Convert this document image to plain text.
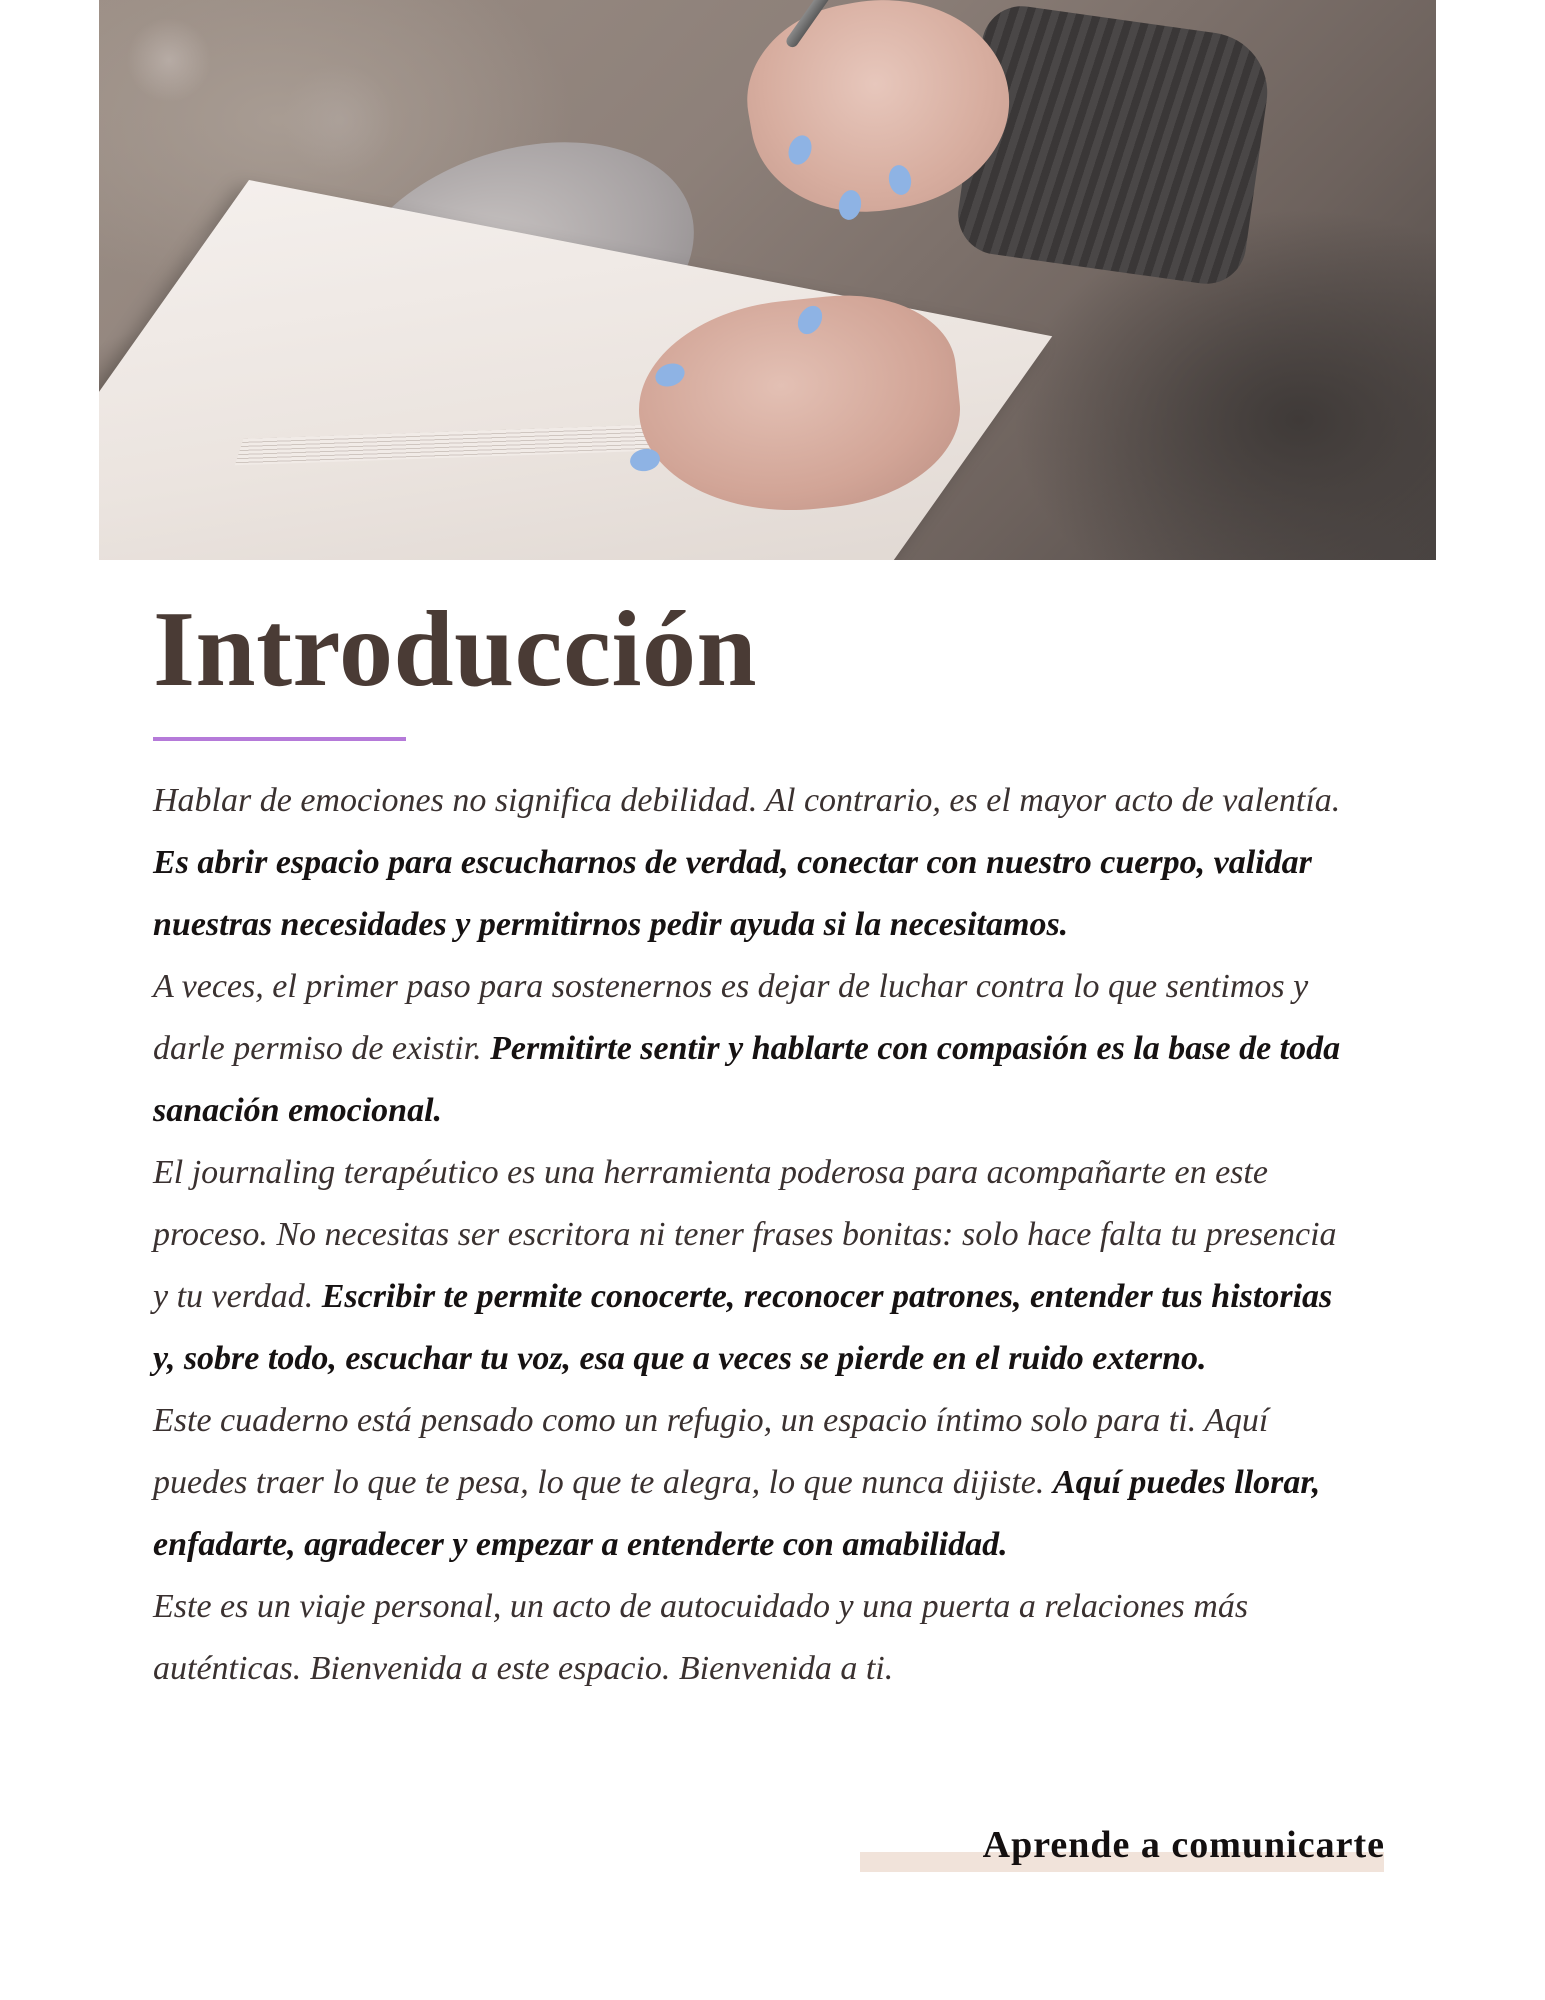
Introducción

Hablar de emociones no significa debilidad. Al contrario, es el mayor acto de valentía. Es abrir espacio para escucharnos de verdad, conectar con nuestro cuerpo, validar nuestras necesidades y permitirnos pedir ayuda si la necesitamos.

A veces, el primer paso para sostenernos es dejar de luchar contra lo que sentimos y darle permiso de existir. Permitirte sentir y hablarte con compasión es la base de toda sanación emocional.

El journaling terapéutico es una herramienta poderosa para acompañarte en este proceso. No necesitas ser escritora ni tener frases bonitas: solo hace falta tu presencia y tu verdad. Escribir te permite conocerte, reconocer patrones, entender tus historias y, sobre todo, escuchar tu voz, esa que a veces se pierde en el ruido externo.

Este cuaderno está pensado como un refugio, un espacio íntimo solo para ti. Aquí puedes traer lo que te pesa, lo que te alegra, lo que nunca dijiste. Aquí puedes llorar, enfadarte, agradecer y empezar a entenderte con amabilidad.

Este es un viaje personal, un acto de autocuidado y una puerta a relaciones más auténticas. Bienvenida a este espacio. Bienvenida a ti.

Aprende a comunicarte
